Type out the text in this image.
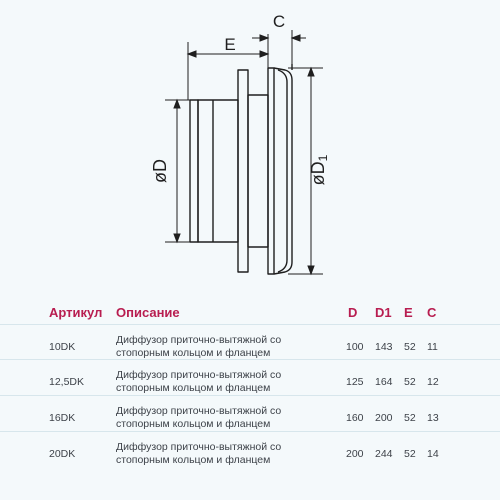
E
C
øD	øD1
Артикул Описание	D D1 E C
10DK
Диффузор приточно-вытяжной со
стопорным кольцом и фланцем	100 143 52 11
12,5DK
Диффузор приточно-вытяжной со
стопорным кольцом и фланцем	125 164 52 12
16DK
Диффузор приточно-вытяжной со
стопорным кольцом и фланцем	160 200 52 13
20DK
Диффузор приточно-вытяжной со
стопорным кольцом и фланцем	200 244 52 14
